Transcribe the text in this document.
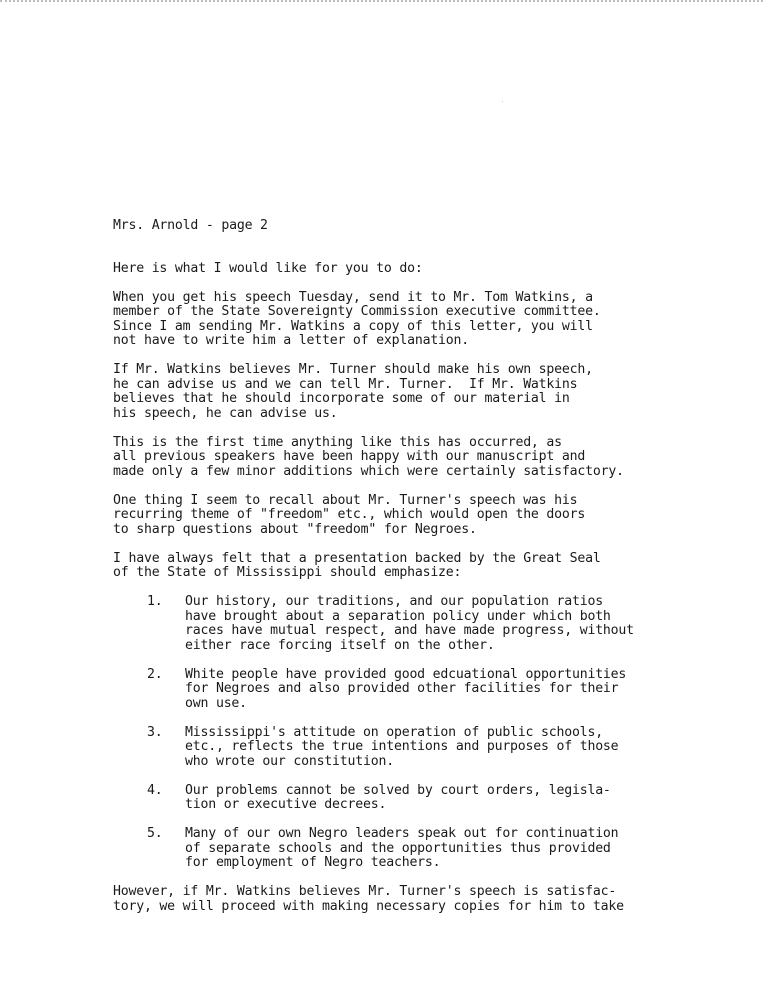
Mrs. Arnold - page 2
Here is what I would like for you to do:
When you get his speech Tuesday, send it to Mr. Tom Watkins, a
member of the State Sovereignty Commission executive committee.
Since I am sending Mr. Watkins a copy of this letter, you will
not have to write him a letter of explanation.
If Mr. Watkins believes Mr. Turner should make his own speech,
he can advise us and we can tell Mr. Turner.  If Mr. Watkins
believes that he should incorporate some of our material in
his speech, he can advise us.
This is the first time anything like this has occurred, as
all previous speakers have been happy with our manuscript and
made only a few minor additions which were certainly satisfactory.
One thing I seem to recall about Mr. Turner's speech was his
recurring theme of "freedom" etc., which would open the doors
to sharp questions about "freedom" for Negroes.
I have always felt that a presentation backed by the Great Seal
of the State of Mississippi should emphasize:
1. Our history, our traditions, and our population ratios
have brought about a separation policy under which both
races have mutual respect, and have made progress, without
either race forcing itself on the other.
2. White people have provided good edcuational opportunities
for Negroes and also provided other facilities for their
own use.
3. Mississippi's attitude on operation of public schools,
etc., reflects the true intentions and purposes of those
who wrote our constitution.
4. Our problems cannot be solved by court orders, legisla-
tion or executive decrees.
5. Many of our own Negro leaders speak out for continuation
of separate schools and the opportunities thus provided
for employment of Negro teachers.
However, if Mr. Watkins believes Mr. Turner's speech is satisfac-
tory, we will proceed with making necessary copies for him to take
